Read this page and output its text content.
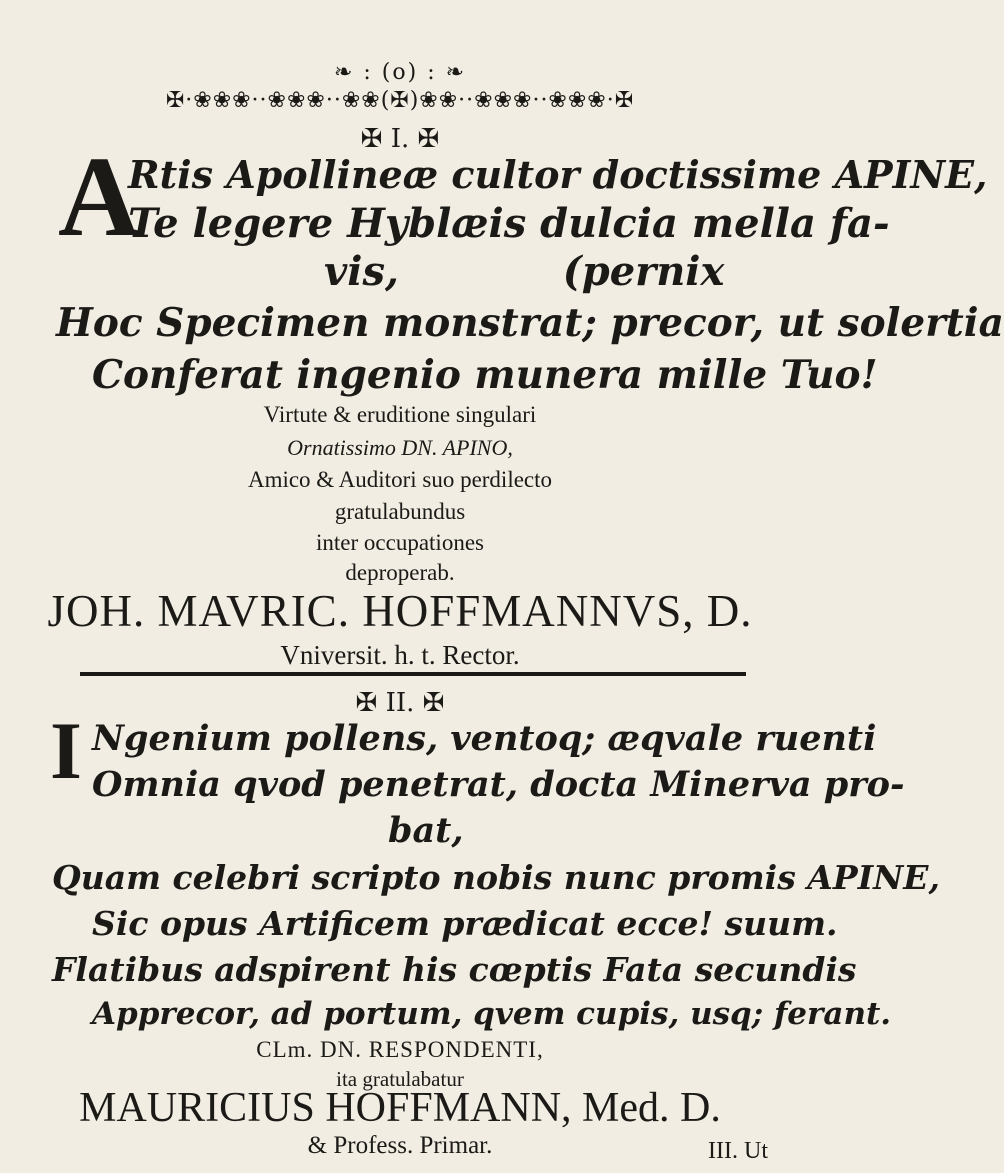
❧ : (o) : ❧
✠·❀❀❀··❀❀❀··❀❀(✠)❀❀··❀❀❀··❀❀❀·✠
✠ I. ✠
A
Rtis Apollineæ cultor doctissime APINE,
Te legere Hyblæis dulcia mella fa-
vis, (pernix
Hoc Specimen monstrat; precor, ut solertia
Conferat ingenio munera mille Tuo!
Virtute & eruditione singulari
Ornatissimo DN. APINO,
Amico & Auditori suo perdilecto
gratulabundus
inter occupationes
deproperab.
JOH. MAVRIC. HOFFMANNVS, D.
Vniversit. h. t. Rector.
✠ II. ✠
I Ngenium pollens, ventoq; æqvale ruenti
Omnia qvod penetrat, docta Minerva pro-
bat,
Quam celebri scripto nobis nunc promis APINE,
Sic opus Artificem prædicat ecce! suum.
Flatibus adspirent his cœptis Fata secundis
Apprecor, ad portum, qvem cupis, usq; ferant.
CLm. DN. RESPONDENTI,
ita gratulabatur
MAURICIUS HOFFMANN, Med. D.
& Profess. Primar.	III. Ut
